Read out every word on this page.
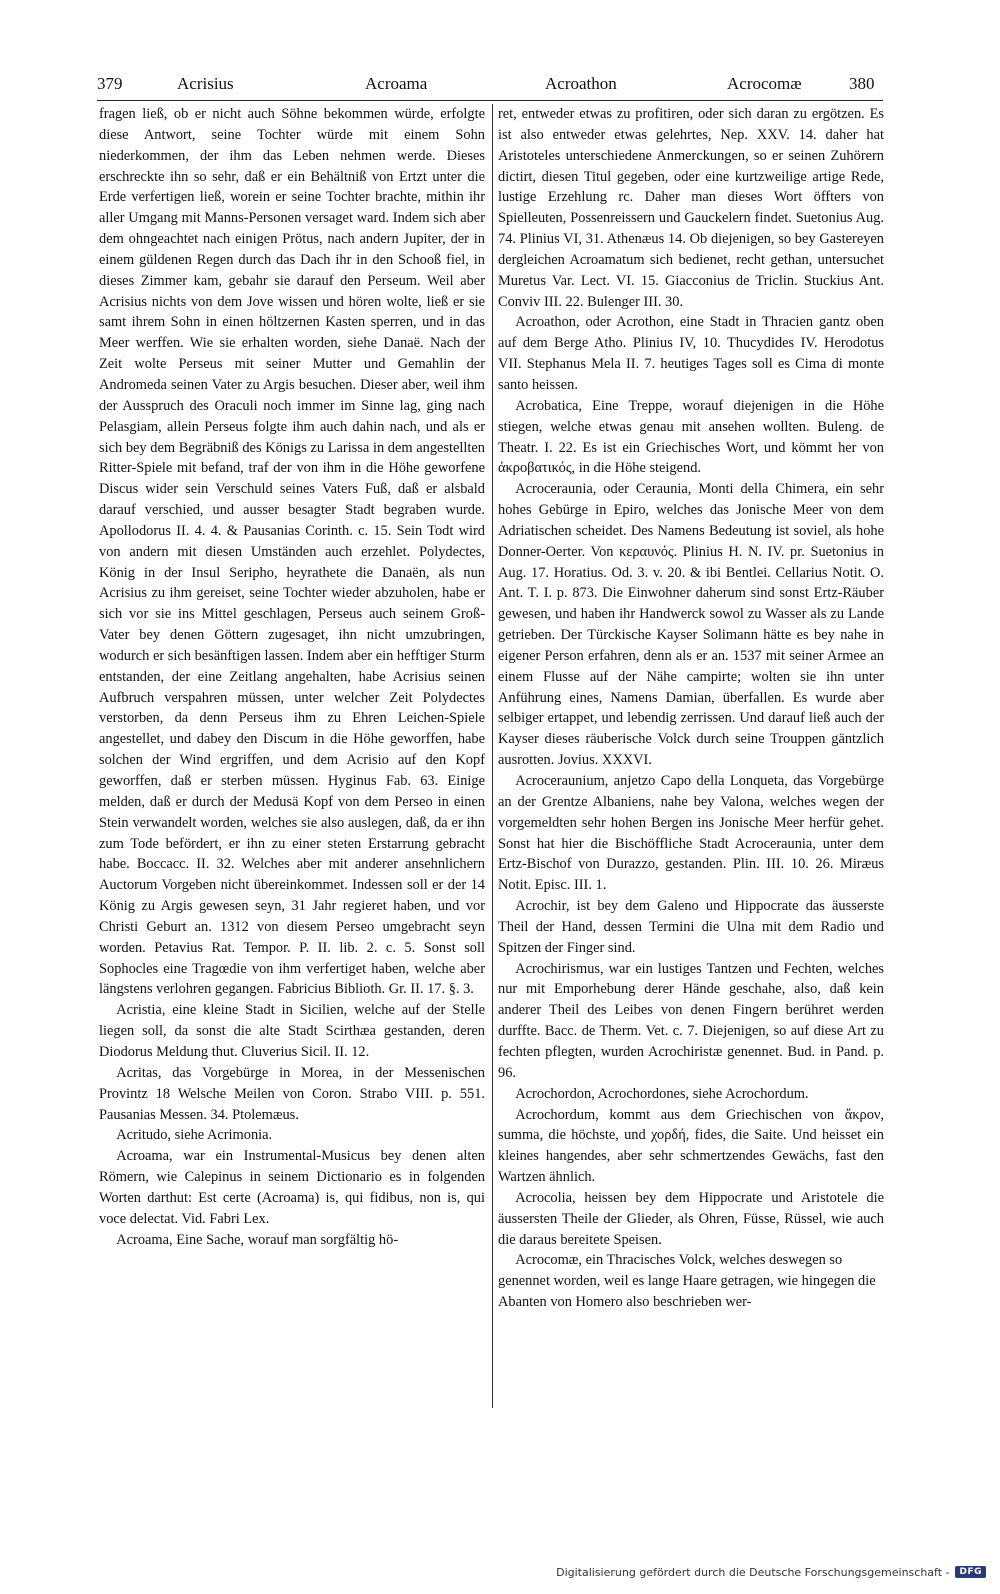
379	Acrisius	Acroama	Acroathon	Acrocomæ	380

fragen ließ, ob er nicht auch Söhne bekommen würde, erfolgte diese Antwort, seine Tochter würde mit einem Sohn niederkommen, der ihm das Leben nehmen werde. Dieses erschreckte ihn so sehr, daß er ein Behältniß von Ertzt unter die Erde verfertigen ließ, worein er seine Tochter brachte, mithin ihr aller Umgang mit Manns-Personen versaget ward. Indem sich aber dem ohngeachtet nach einigen Prötus, nach andern Jupiter, der in einem güldenen Regen durch das Dach ihr in den Schooß fiel, in dieses Zimmer kam, gebahr sie darauf den Perseum. Weil aber Acrisius nichts von dem Jove wissen und hören wolte, ließ er sie samt ihrem Sohn in einen höltzernen Kasten sperren, und in das Meer werffen. Wie sie erhalten worden, siehe Danaë. Nach der Zeit wolte Perseus mit seiner Mutter und Gemahlin der Andromeda seinen Vater zu Argis besuchen. Dieser aber, weil ihm der Ausspruch des Oraculi noch immer im Sinne lag, ging nach Pelasgiam, allein Perseus folgte ihm auch dahin nach, und als er sich bey dem Begräbniß des Königs zu Larissa in dem angestellten Ritter-Spiele mit befand, traf der von ihm in die Höhe geworfene Discus wider sein Verschuld seines Vaters Fuß, daß er alsbald darauf verschied, und ausser besagter Stadt begraben wurde. Apollodorus II. 4. 4. & Pausanias Corinth. c. 15. Sein Todt wird von andern mit diesen Umständen auch erzehlet. Polydectes, König in der Insul Seripho, heyrathete die Danaën, als nun Acrisius zu ihm gereiset, seine Tochter wieder abzuholen, habe er sich vor sie ins Mittel geschlagen, Perseus auch seinem Groß-Vater bey denen Göttern zugesaget, ihn nicht umzubringen, wodurch er sich besänftigen lassen. Indem aber ein hefftiger Sturm entstanden, der eine Zeitlang angehalten, habe Acrisius seinen Aufbruch verspahren müssen, unter welcher Zeit Polydectes verstorben, da denn Perseus ihm zu Ehren Leichen-Spiele angestellet, und dabey den Discum in die Höhe geworffen, habe solchen der Wind ergriffen, und dem Acrisio auf den Kopf geworffen, daß er sterben müssen. Hyginus Fab. 63. Einige melden, daß er durch der Medusä Kopf von dem Perseo in einen Stein verwandelt worden, welches sie also auslegen, daß, da er ihn zum Tode befördert, er ihn zu einer steten Erstarrung gebracht habe. Boccacc. II. 32. Welches aber mit anderer ansehnlichern Auctorum Vorgeben nicht übereinkommet. Indessen soll er der 14 König zu Argis gewesen seyn, 31 Jahr regieret haben, und vor Christi Geburt an. 1312 von diesem Perseo umgebracht seyn worden. Petavius Rat. Tempor. P. II. lib. 2. c. 5. Sonst soll Sophocles eine Tragœdie von ihm verfertiget haben, welche aber längstens verlohren gegangen. Fabricius Biblioth. Gr. II. 17. §. 3.

Acristia, eine kleine Stadt in Sicilien, welche auf der Stelle liegen soll, da sonst die alte Stadt Scirthæa gestanden, deren Diodorus Meldung thut. Cluverius Sicil. II. 12.

Acritas, das Vorgebürge in Morea, in der Messenischen Provintz 18 Welsche Meilen von Coron. Strabo VIII. p. 551. Pausanias Messen. 34. Ptolemæus.

Acritudo, siehe Acrimonia.

Acroama, war ein Instrumental-Musicus bey denen alten Römern, wie Calepinus in seinem Dictionario es in folgenden Worten darthut: Est certe (Acroama) is, qui fidibus, non is, qui voce delectat. Vid. Fabri Lex.

Acroama, Eine Sache, worauf man sorgfältig hö-

ret, entweder etwas zu profitiren, oder sich daran zu ergötzen. Es ist also entweder etwas gelehrtes, Nep. XXV. 14. daher hat Aristoteles unterschiedene Anmerckungen, so er seinen Zuhörern dictirt, diesen Titul gegeben, oder eine kurtzweilige artige Rede, lustige Erzehlung rc. Daher man dieses Wort öffters von Spielleuten, Possenreissern und Gauckelern findet. Suetonius Aug. 74. Plinius VI, 31. Athenæus 14. Ob diejenigen, so bey Gastereyen dergleichen Acroamatum sich bedienet, recht gethan, untersuchet Muretus Var. Lect. VI. 15. Giacconius de Triclin. Stuckius Ant. Conviv III. 22. Bulenger III. 30.

Acroathon, oder Acrothon, eine Stadt in Thracien gantz oben auf dem Berge Atho. Plinius IV, 10. Thucydides IV. Herodotus VII. Stephanus Mela II. 7. heutiges Tages soll es Cima di monte santo heissen.

Acrobatica, Eine Treppe, worauf diejenigen in die Höhe stiegen, welche etwas genau mit ansehen wollten. Buleng. de Theatr. I. 22. Es ist ein Griechisches Wort, und kömmt her von ἀκροβατικός, in die Höhe steigend.

Acroceraunia, oder Ceraunia, Monti della Chimera, ein sehr hohes Gebürge in Epiro, welches das Jonische Meer von dem Adriatischen scheidet. Des Namens Bedeutung ist soviel, als hohe Donner-Oerter. Von κεραυνός. Plinius H. N. IV. pr. Suetonius in Aug. 17. Horatius. Od. 3. v. 20. & ibi Bentlei. Cellarius Notit. O. Ant. T. I. p. 873. Die Einwohner daherum sind sonst Ertz-Räuber gewesen, und haben ihr Handwerck sowol zu Wasser als zu Lande getrieben. Der Türckische Kayser Solimann hätte es bey nahe in eigener Person erfahren, denn als er an. 1537 mit seiner Armee an einem Flusse auf der Nähe campirte; wolten sie ihn unter Anführung eines, Namens Damian, überfallen. Es wurde aber selbiger ertappet, und lebendig zerrissen. Und darauf ließ auch der Kayser dieses räuberische Volck durch seine Trouppen gäntzlich ausrotten. Jovius. XXXVI.

Acroceraunium, anjetzo Capo della Lonqueta, das Vorgebürge an der Grentze Albaniens, nahe bey Valona, welches wegen der vorgemeldten sehr hohen Bergen ins Jonische Meer herfür gehet. Sonst hat hier die Bischöffliche Stadt Acroceraunia, unter dem Ertz-Bischof von Durazzo, gestanden. Plin. III. 10. 26. Miræus Notit. Episc. III. 1.

Acrochir, ist bey dem Galeno und Hippocrate das äusserste Theil der Hand, dessen Termini die Ulna mit dem Radio und Spitzen der Finger sind.

Acrochirismus, war ein lustiges Tantzen und Fechten, welches nur mit Emporhebung derer Hände geschahe, also, daß kein anderer Theil des Leibes von denen Fingern berühret werden durffte. Bacc. de Therm. Vet. c. 7. Diejenigen, so auf diese Art zu fechten pflegten, wurden Acrochiristæ genennet. Bud. in Pand. p. 96.

Acrochordon, Acrochordones, siehe Acrochordum.

Acrochordum, kommt aus dem Griechischen von ἄκρον, summa, die höchste, und χορδή, fides, die Saite. Und heisset ein kleines hangendes, aber sehr schmertzendes Gewächs, fast den Wartzen ähnlich.

Acrocolia, heissen bey dem Hippocrate und Aristotele die äussersten Theile der Glieder, als Ohren, Füsse, Rüssel, wie auch die daraus bereitete Speisen.

Acrocomæ, ein Thracisches Volck, welches deswegen so genennet worden, weil es lange Haare getragen, wie hingegen die Abanten von Homero also beschrieben wer-

Digitalisierung gefördert durch die Deutsche Forschungsgemeinschaft -	DFG
